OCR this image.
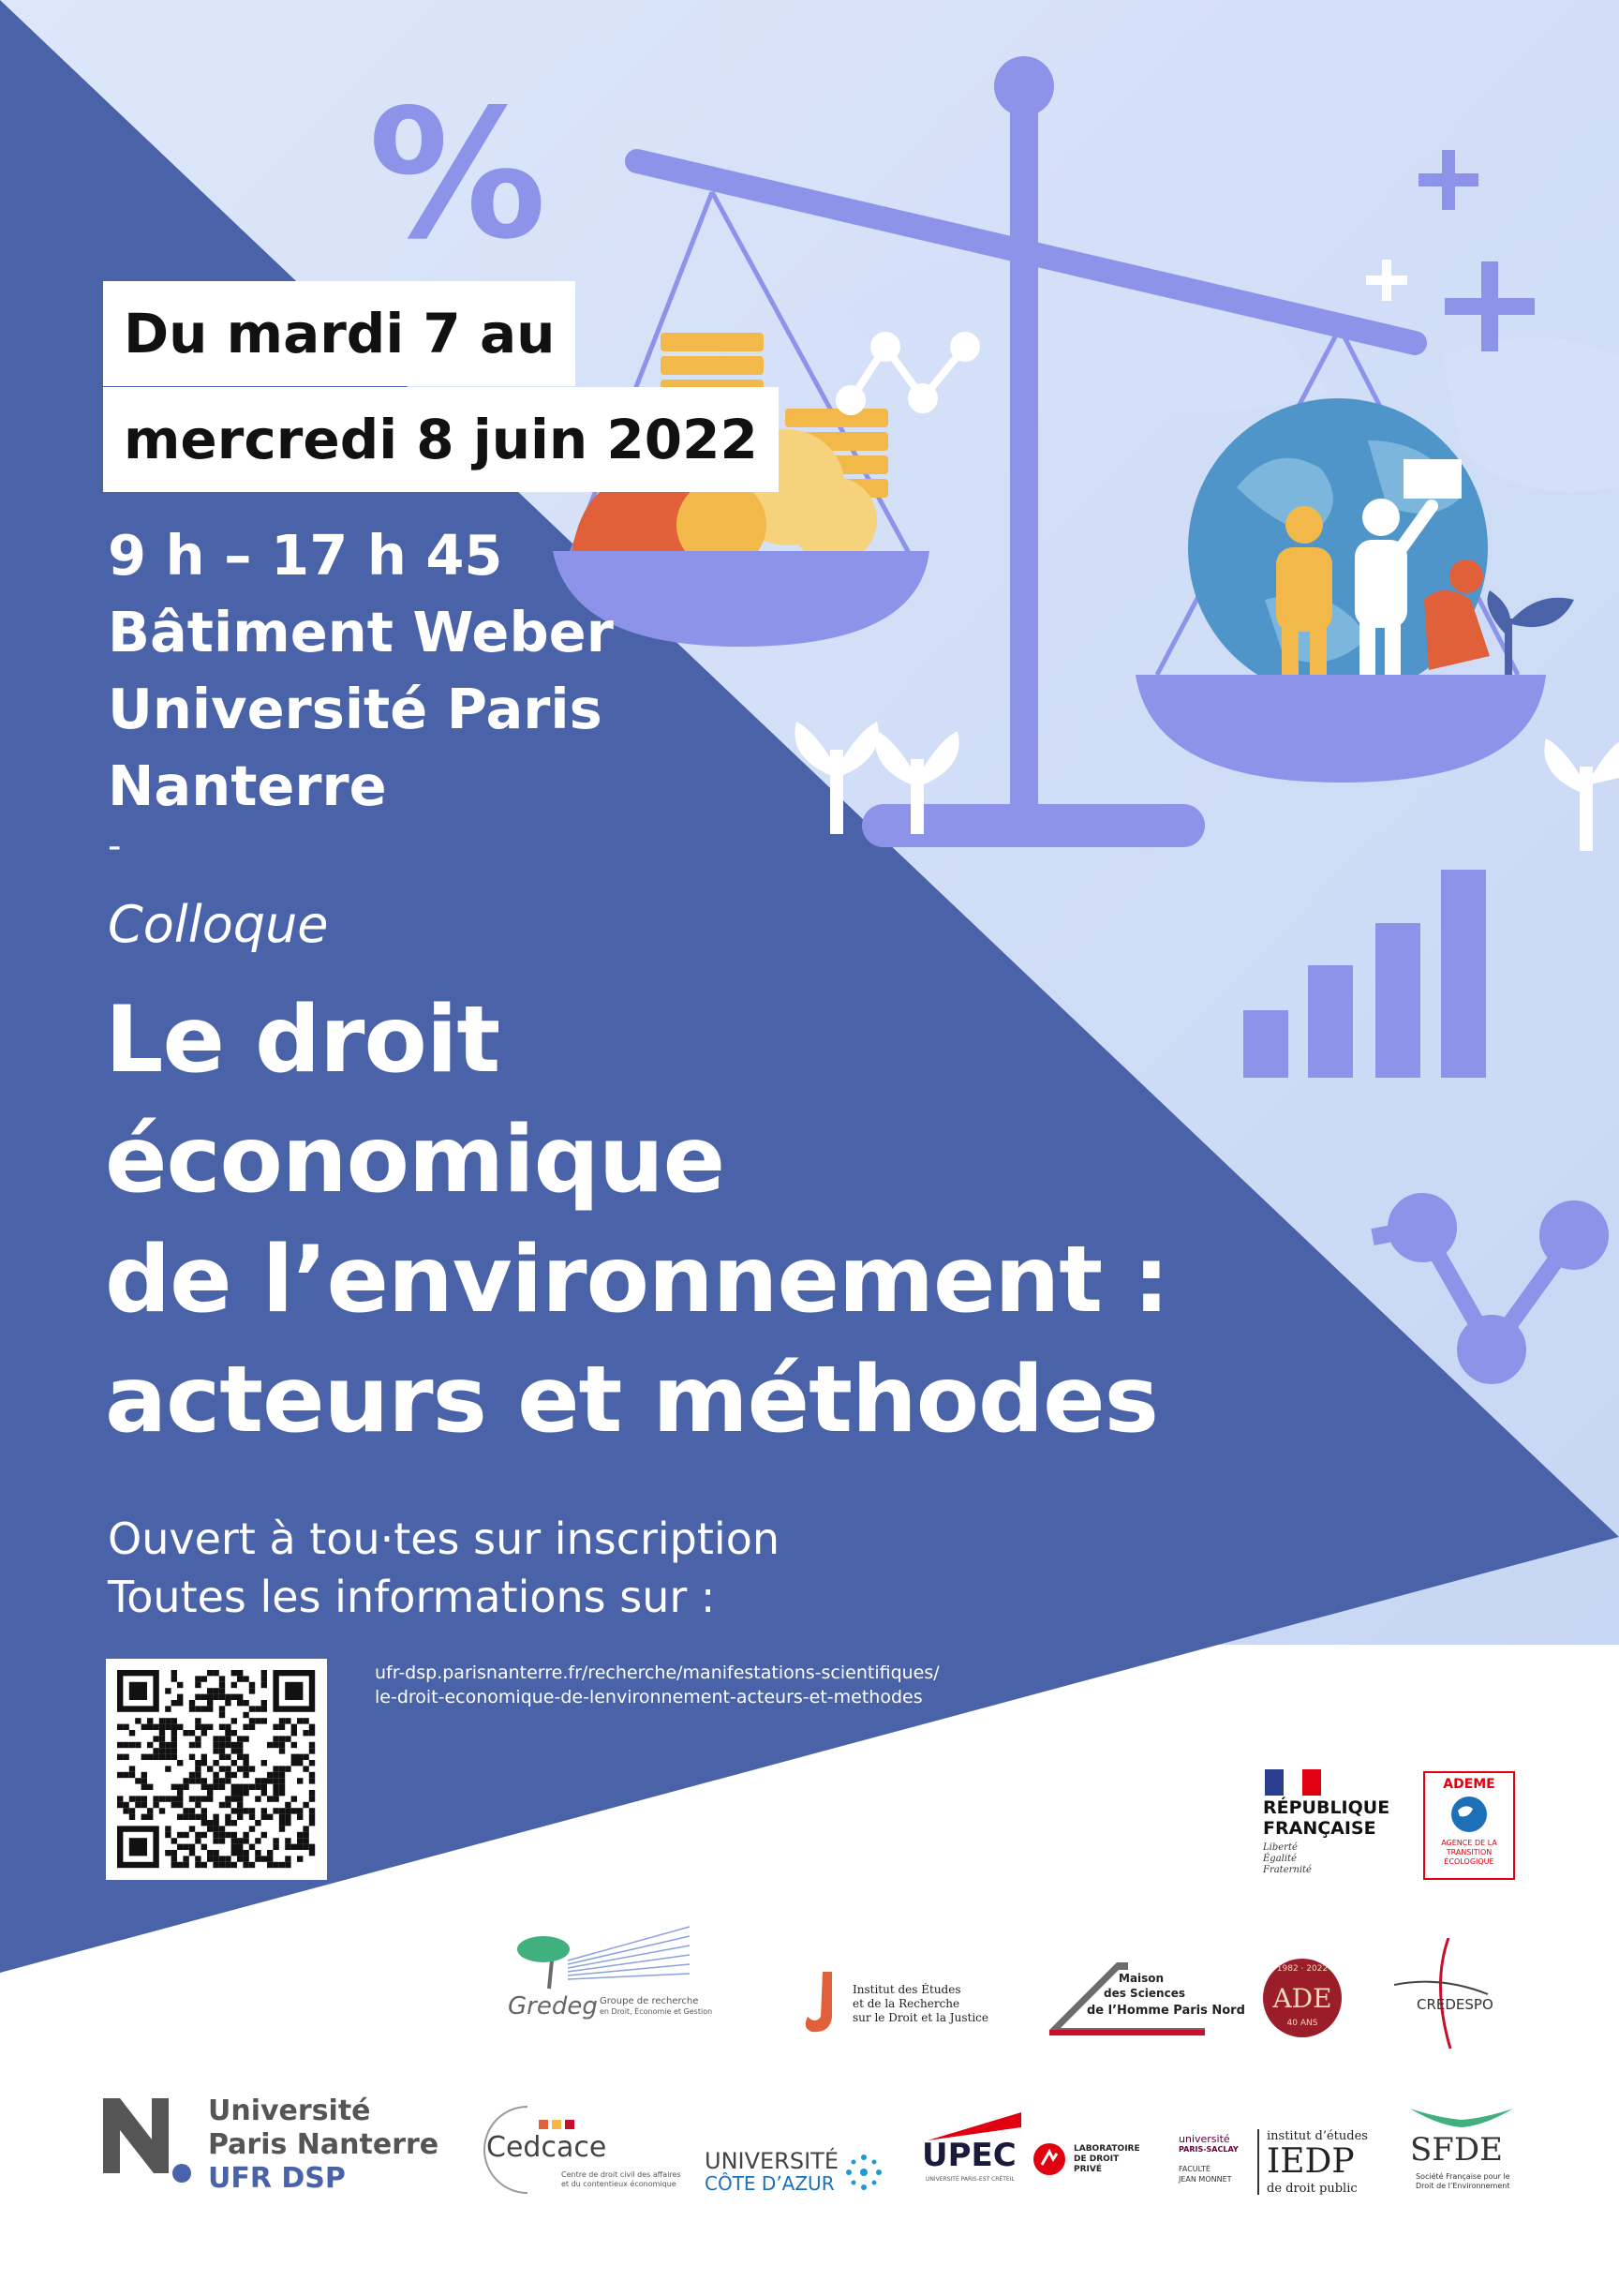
%
Du mardi 7 au
mercredi 8 juin 2022
9 h – 17 h 45
Bâtiment Weber
Université Paris
Nanterre
-
Colloque
Le droit
économique
de l’environnement :
acteurs et méthodes
Ouvert à tou·tes sur inscription
Toutes les informations sur :
ufr-dsp.parisnanterre.fr/recherche/manifestations-scientifiques/
le-droit-economique-de-lenvironnement-acteurs-et-methodes
RÉPUBLIQUE
FRANÇAISE
Liberté
Égalité
Fraternité
ADEME
AGENCE DE LA
TRANSITION
ÉCOLOGIQUE
Gredeg Groupe de recherche
en Droit, Économie et Gestion
Institut des Études
et de la Recherche
sur le Droit et la Justice
Maison
des Sciences
de l’Homme Paris Nord
1982 · 2022
ADE
40 ANS
CREDESPO
Université
Paris Nanterre
UFR DSP
Cedcace
Centre de droit civil des affaires
et du contentieux économique
UNIVERSITÉ
CÔTE D’AZUR
UPEC
UNIVERSITÉ PARIS-EST CRÉTEIL
LABORATOIRE
DE DROIT
PRIVÉ
université
PARIS-SACLAY
FACULTÉ
JEAN MONNET
institut d’études
IEDP
de droit public
SFDE
Société Française pour le
Droit de l’Environnement
